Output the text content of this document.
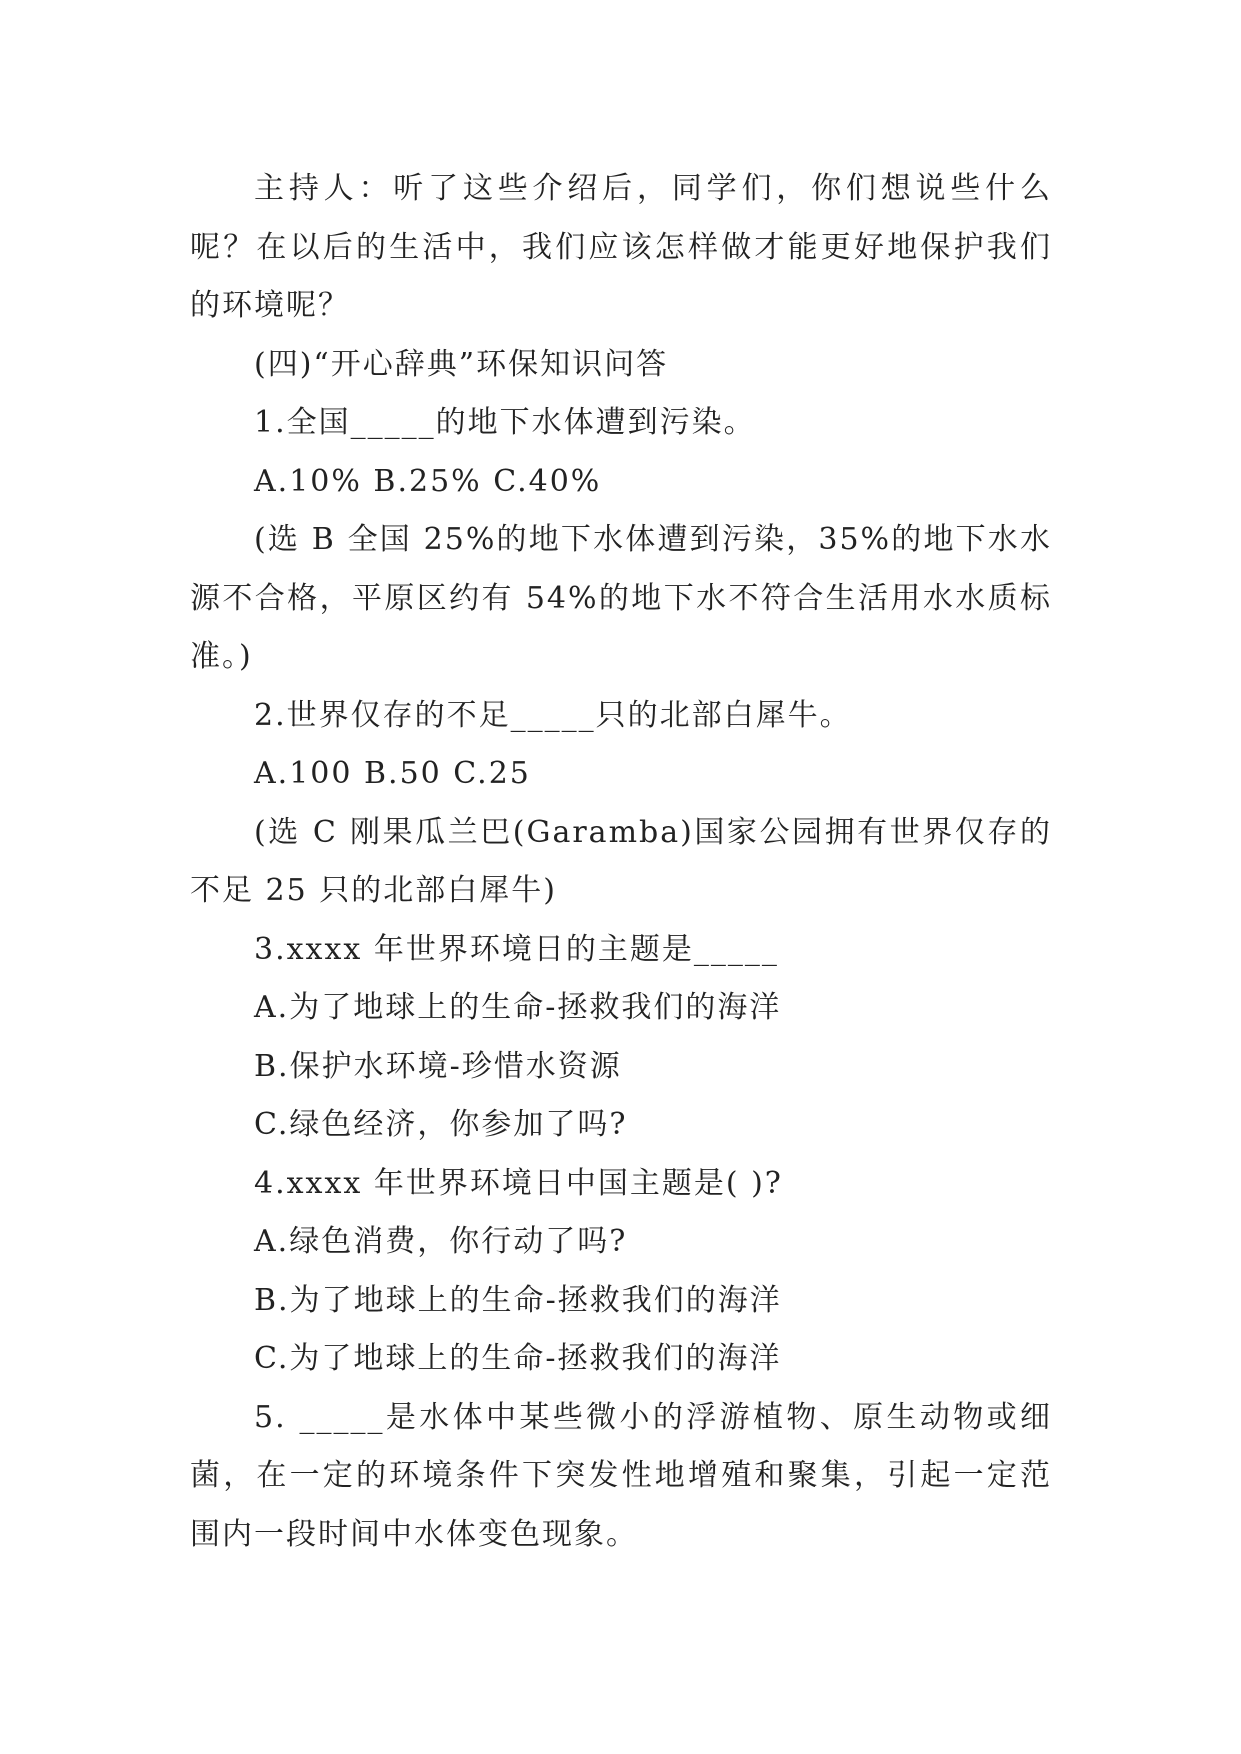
主持人：听了这些介绍后，同学们，你们想说些什么呢？在以后的生活中，我们应该怎样做才能更好地保护我们的环境呢？

(四)“开心辞典”环保知识问答

1.全国_____的地下水体遭到污染。

A.10% B.25% C.40%

(选 B 全国 25%的地下水体遭到污染，35%的地下水水源不合格，平原区约有 54%的地下水不符合生活用水水质标准。)

2.世界仅存的不足_____只的北部白犀牛。

A.100 B.50 C.25

(选 C 刚果瓜兰巴(Garamba)国家公园拥有世界仅存的不足 25 只的北部白犀牛)

3.xxxx 年世界环境日的主题是_____

A.为了地球上的生命-拯救我们的海洋

B.保护水环境-珍惜水资源

C.绿色经济，你参加了吗?

4.xxxx 年世界环境日中国主题是( )?

A.绿色消费，你行动了吗?

B.为了地球上的生命-拯救我们的海洋

C.为了地球上的生命-拯救我们的海洋

5. _____是水体中某些微小的浮游植物、原生动物或细菌，在一定的环境条件下突发性地增殖和聚集，引起一定范围内一段时间中水体变色现象。
